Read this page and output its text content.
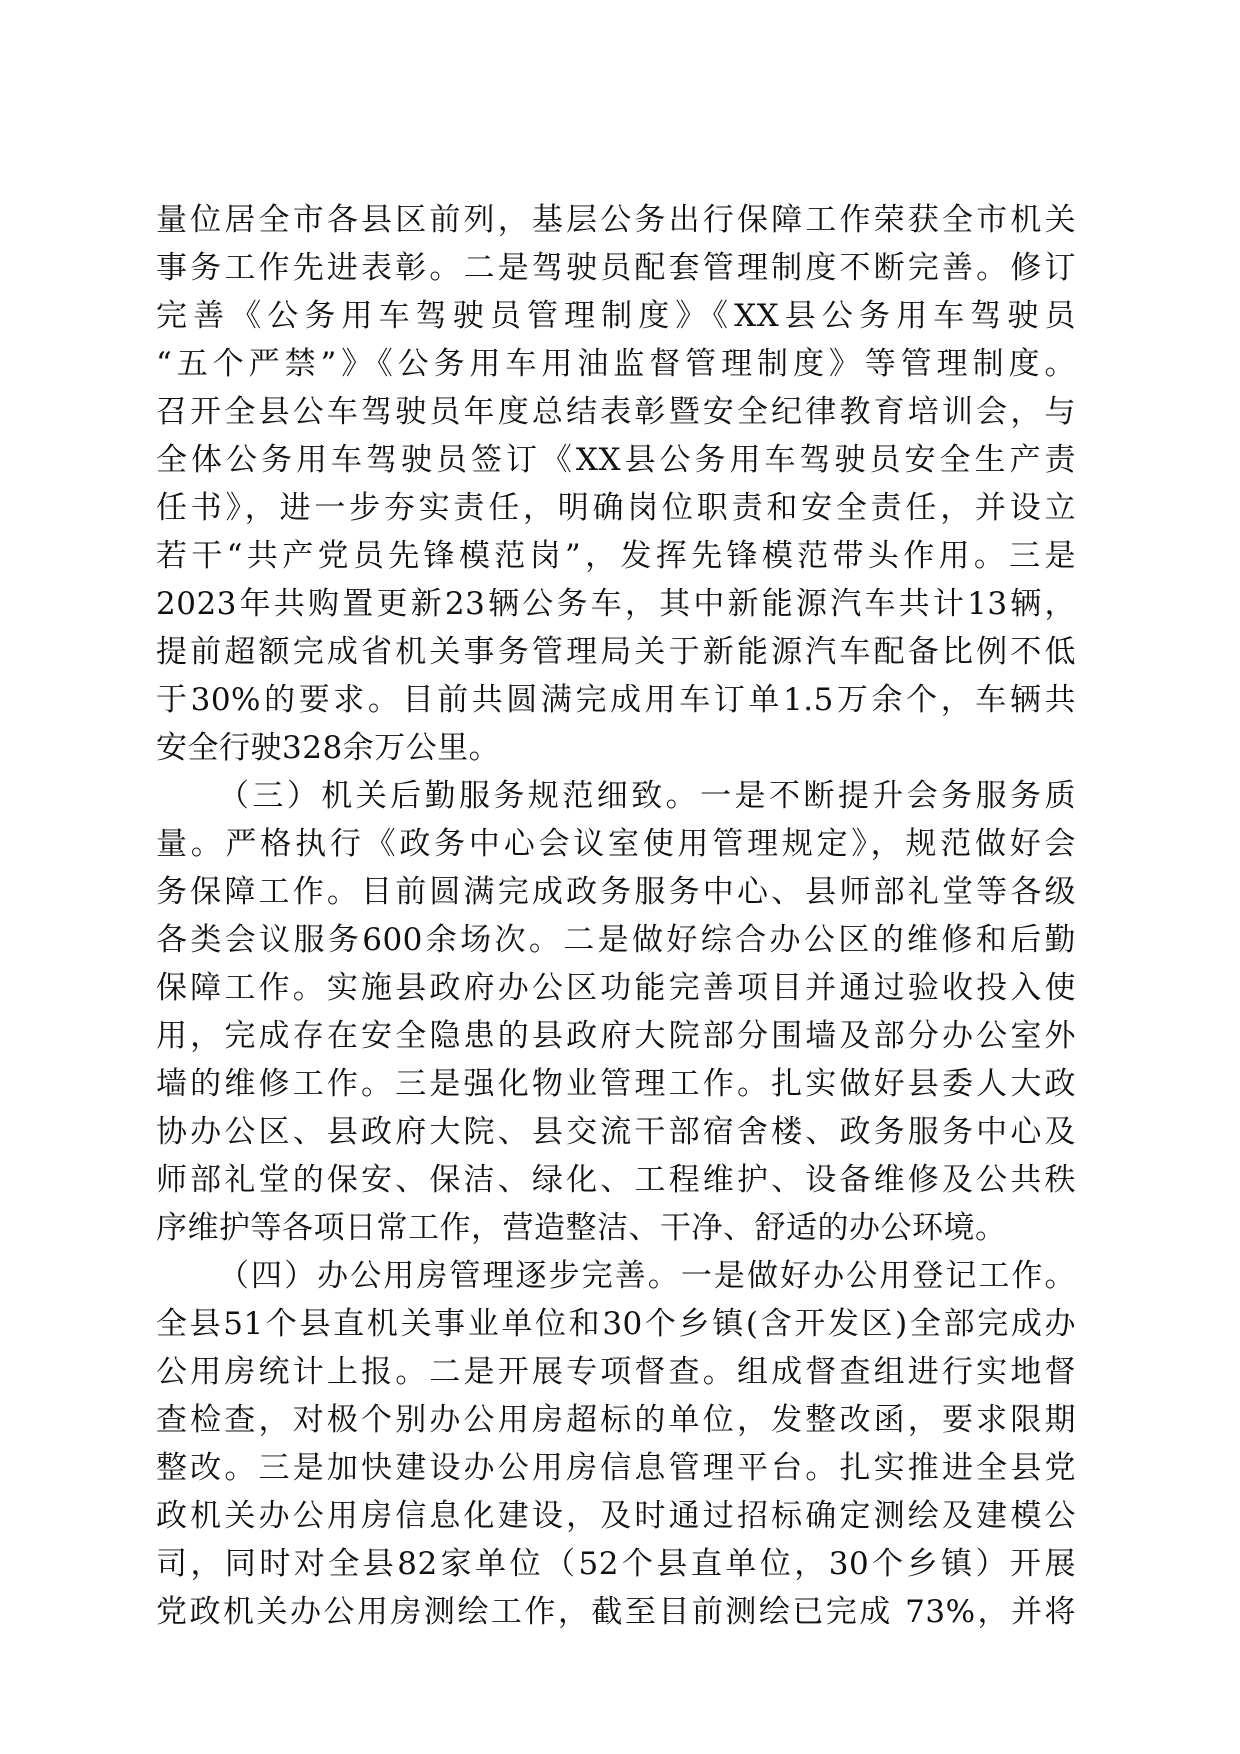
量位居全市各县区前列，基层公务出行保障工作荣获全市机关
事务工作先进表彰。二是驾驶员配套管理制度不断完善。修订
完善《公务用车驾驶员管理制度》《XX县公务用车驾驶员
“五个严禁”》《公务用车用油监督管理制度》等管理制度。
召开全县公车驾驶员年度总结表彰暨安全纪律教育培训会，与
全体公务用车驾驶员签订《XX县公务用车驾驶员安全生产责
任书》，进一步夯实责任，明确岗位职责和安全责任，并设立
若干“共产党员先锋模范岗”，发挥先锋模范带头作用。三是
2023年共购置更新23辆公务车，其中新能源汽车共计13辆，
提前超额完成省机关事务管理局关于新能源汽车配备比例不低
于30%的要求。目前共圆满完成用车订单1.5万余个，车辆共
安全行驶328余万公里。
（三）机关后勤服务规范细致。一是不断提升会务服务质
量。严格执行《政务中心会议室使用管理规定》，规范做好会
务保障工作。目前圆满完成政务服务中心、县师部礼堂等各级
各类会议服务600余场次。二是做好综合办公区的维修和后勤
保障工作。实施县政府办公区功能完善项目并通过验收投入使
用，完成存在安全隐患的县政府大院部分围墙及部分办公室外
墙的维修工作。三是强化物业管理工作。扎实做好县委人大政
协办公区、县政府大院、县交流干部宿舍楼、政务服务中心及
师部礼堂的保安、保洁、绿化、工程维护、设备维修及公共秩
序维护等各项日常工作，营造整洁、干净、舒适的办公环境。
（四）办公用房管理逐步完善。一是做好办公用登记工作。
全县51个县直机关事业单位和30个乡镇(含开发区)全部完成办
公用房统计上报。二是开展专项督查。组成督查组进行实地督
查检查，对极个别办公用房超标的单位，发整改函，要求限期
整改。三是加快建设办公用房信息管理平台。扎实推进全县党
政机关办公用房信息化建设，及时通过招标确定测绘及建模公
司，同时对全县82家单位（52个县直单位，30个乡镇）开展
党政机关办公用房测绘工作，截至目前测绘已完成 73%，并将
